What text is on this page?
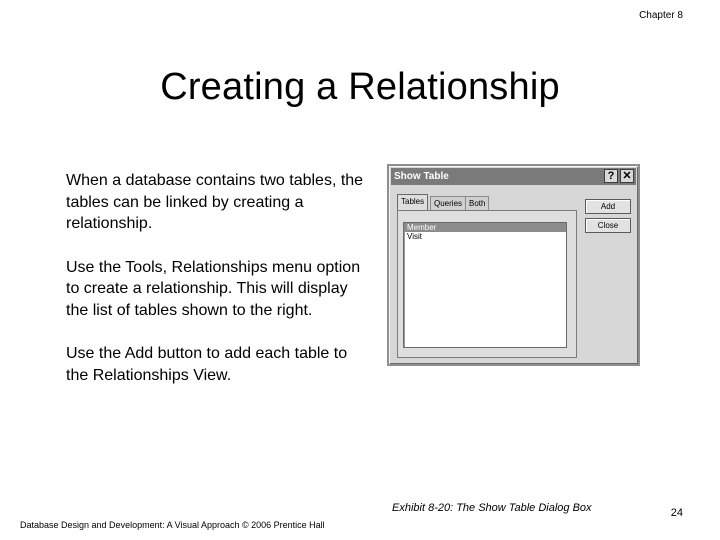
Chapter 8
Creating a Relationship

When a database contains two tables, the tables can be linked by creating a relationship.

Use the Tools, Relationships menu option to create a relationship. This will display the list of tables shown to the right.

Use the Add button to add each table to the Relationships View.

Show Table	? ✕
Tables	Queries Both
Member
Visit
Add
Close
Exhibit 8-20: The Show Table Dialog Box	24
Database Design and Development: A Visual Approach © 2006 Prentice Hall
